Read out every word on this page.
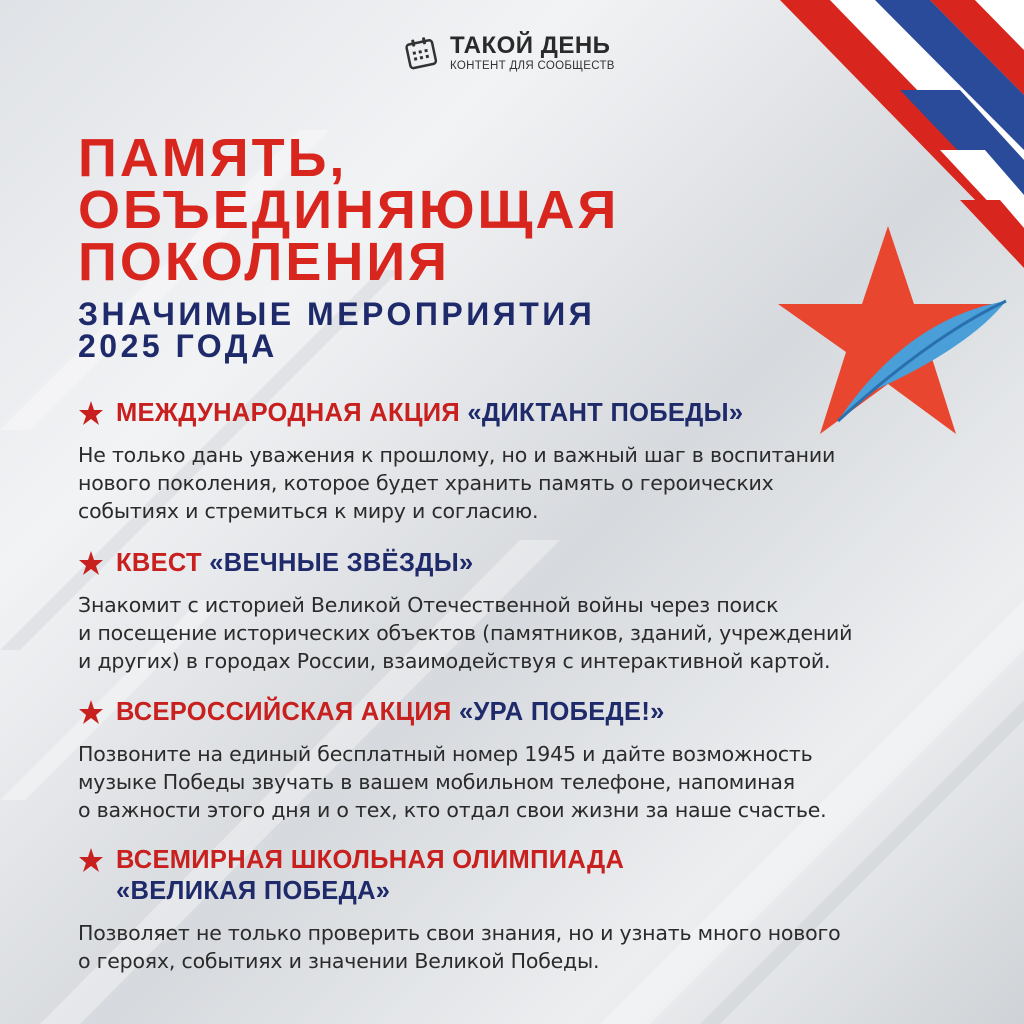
ТАКОЙ ДЕНЬ
КОНТЕНТ ДЛЯ СООБЩЕСТВ
ПАМЯТЬ,
ОБЪЕДИНЯЮЩАЯ
ПОКОЛЕНИЯ
ЗНАЧИМЫЕ МЕРОПРИЯТИЯ
2025 ГОДА
МЕЖДУНАРОДНАЯ АКЦИЯ «ДИКТАНТ ПОБЕДЫ»
Не только дань уважения к прошлому, но и важный шаг в воспитании
нового поколения, которое будет хранить память о героических
событиях и стремиться к миру и согласию.
КВЕСТ «ВЕЧНЫЕ ЗВЁЗДЫ»
Знакомит с историей Великой Отечественной войны через поиск
и посещение исторических объектов (памятников, зданий, учреждений
и других) в городах России, взаимодействуя с интерактивной картой.
ВСЕРОССИЙСКАЯ АКЦИЯ «УРА ПОБЕДЕ!»
Позвоните на единый бесплатный номер 1945 и дайте возможность
музыке Победы звучать в вашем мобильном телефоне, напоминая
о важности этого дня и о тех, кто отдал свои жизни за наше счастье.
ВСЕМИРНАЯ ШКОЛЬНАЯ ОЛИМПИАДА
«ВЕЛИКАЯ ПОБЕДА»
Позволяет не только проверить свои знания, но и узнать много нового
о героях, событиях и значении Великой Победы.
